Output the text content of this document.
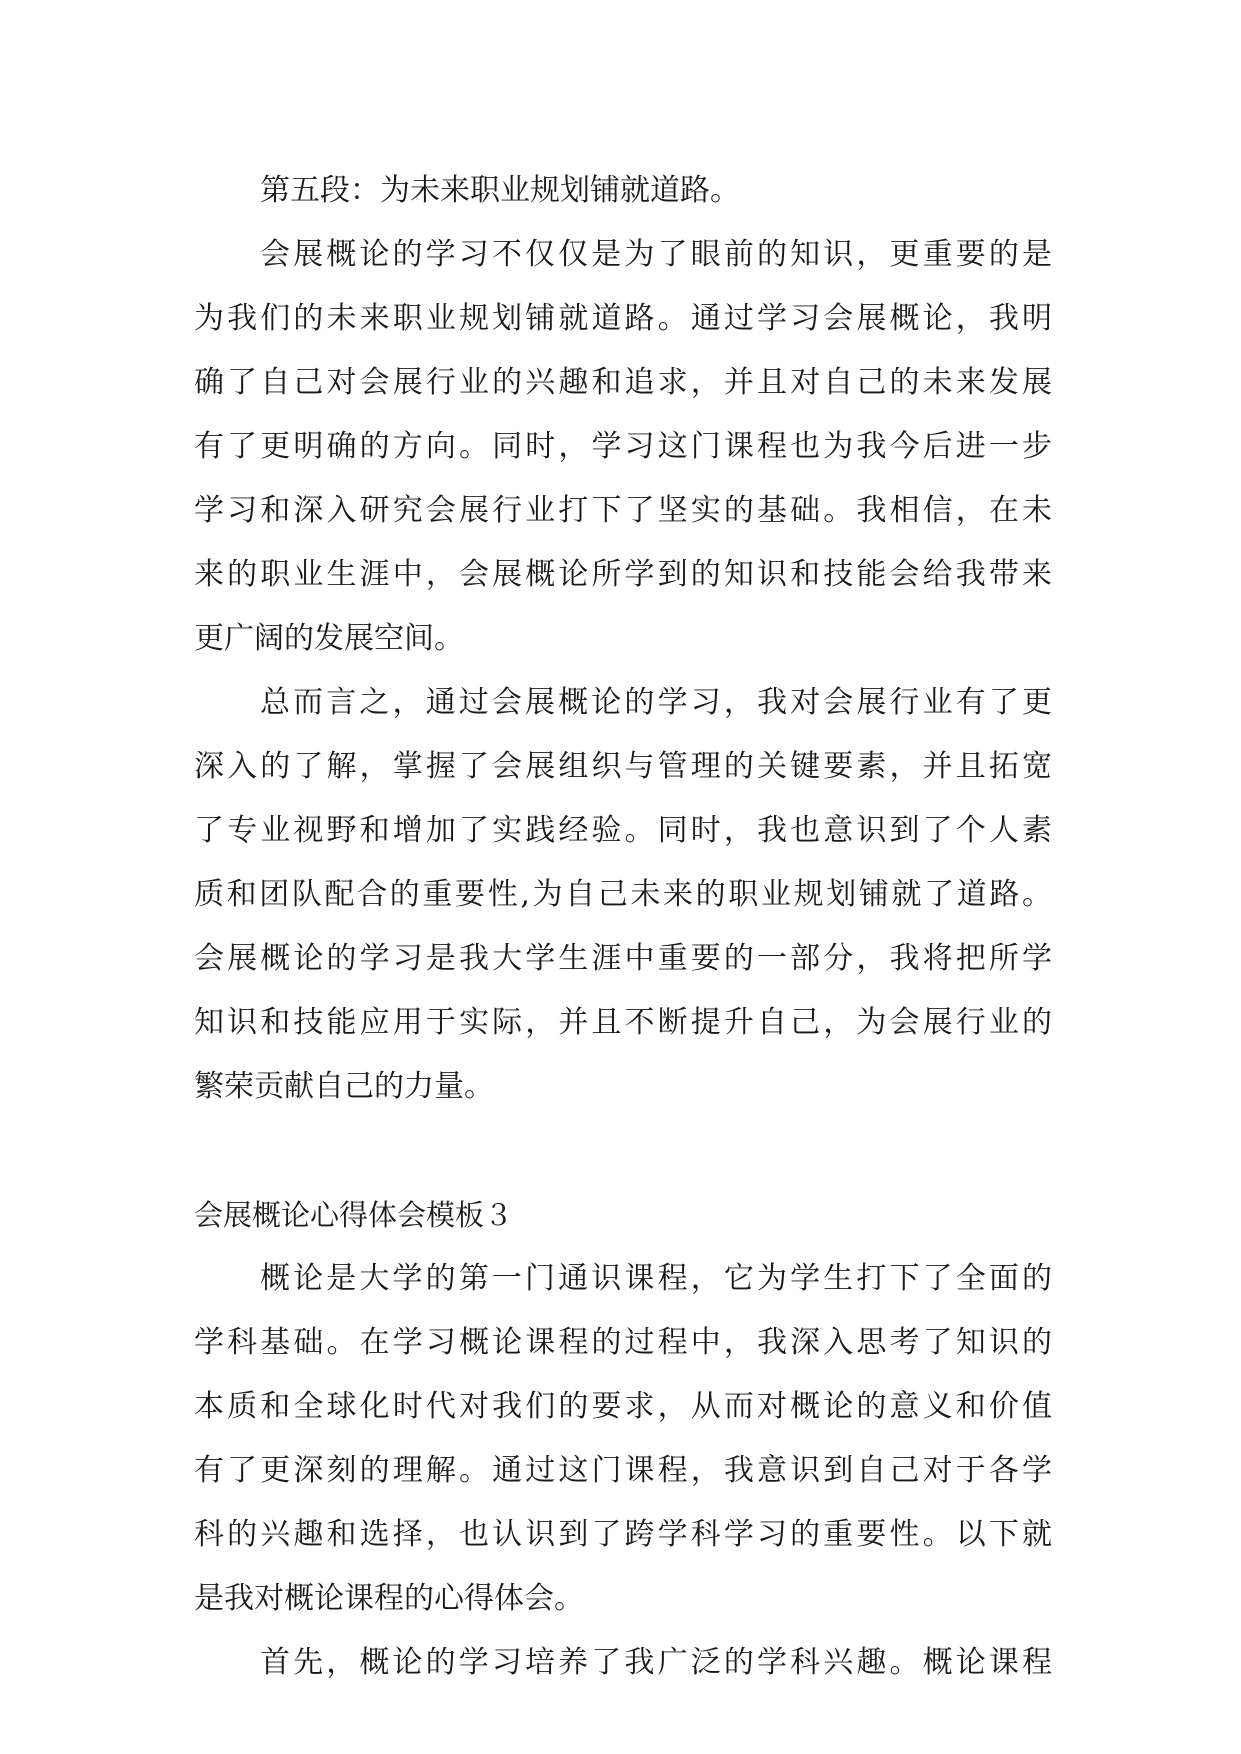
第五段：为未来职业规划铺就道路。
会展概论的学习不仅仅是为了眼前的知识，更重要的是
为我们的未来职业规划铺就道路。通过学习会展概论，我明
确了自己对会展行业的兴趣和追求，并且对自己的未来发展
有了更明确的方向。同时，学习这门课程也为我今后进一步
学习和深入研究会展行业打下了坚实的基础。我相信，在未
来的职业生涯中，会展概论所学到的知识和技能会给我带来
更广阔的发展空间。
总而言之，通过会展概论的学习，我对会展行业有了更
深入的了解，掌握了会展组织与管理的关键要素，并且拓宽
了专业视野和增加了实践经验。同时，我也意识到了个人素
质和团队配合的重要性,为自己未来的职业规划铺就了道路。
会展概论的学习是我大学生涯中重要的一部分，我将把所学
知识和技能应用于实际，并且不断提升自己，为会展行业的
繁荣贡献自己的力量。
会展概论心得体会模板３
概论是大学的第一门通识课程，它为学生打下了全面的
学科基础。在学习概论课程的过程中，我深入思考了知识的
本质和全球化时代对我们的要求，从而对概论的意义和价值
有了更深刻的理解。通过这门课程，我意识到自己对于各学
科的兴趣和选择，也认识到了跨学科学习的重要性。以下就
是我对概论课程的心得体会。
首先，概论的学习培养了我广泛的学科兴趣。概论课程
